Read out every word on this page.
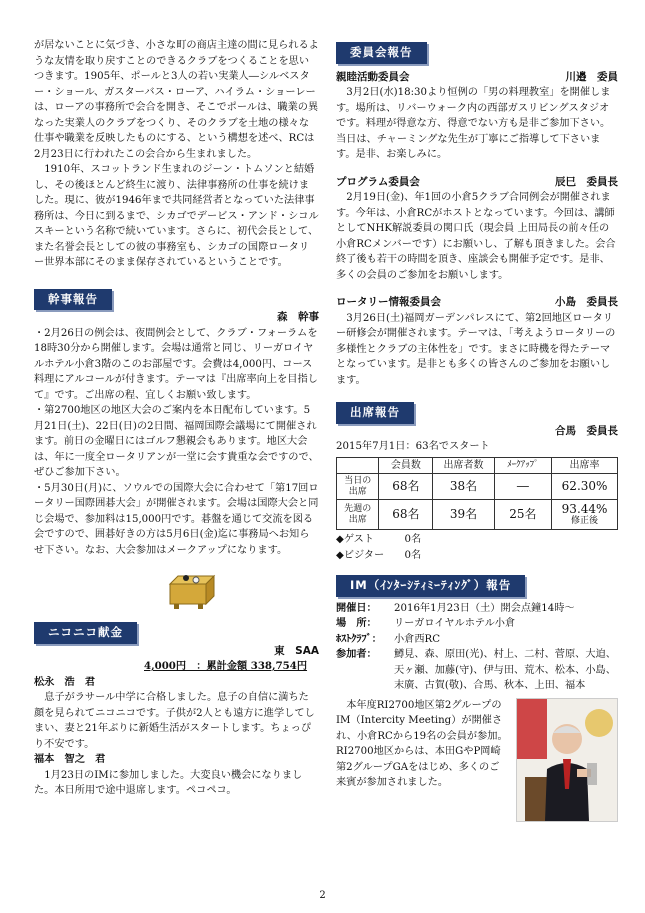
が居ないことに気づき、小さな町の商店主達の間に見られるような友情を取り戻すことのできるクラブをつくることを思いつきます。1905年、ポールと3人の若い実業人―シルベスター・ショール、ガスターバス・ローア、ハイラム・ショーレーは、ローアの事務所で会合を開き、そこでポールは、職業の異なった実業人のクラブをつくり、そのクラブを土地の様々な仕事や職業を反映したものにする、という構想を述べ、RCは2月23日に行われたこの会合から生まれました。

1910年、スコットランド生まれのジーン・トムソンと結婚し、その後ほとんど終生に渡り、法律事務所の仕事を続けました。現に、彼が1946年まで共同経営者となっていた法律事務所は、今日に到るまで、シカゴでデービス・アンド・シコルスキーという名称で続いています。さらに、初代会長として、また名誉会長としての彼の事務室も、シカゴの国際ロータリー世界本部にそのまま保存されているということです。

幹事報告

森　幹事

・2月26日の例会は、夜間例会として、クラブ・フォーラムを18時30分から開催します。会場は通常と同じ、リーガロイヤルホテル小倉3階のこのお部屋です。会費は4,000円、コース料理にアルコールが付きます。テーマは『出席率向上を目指して』です。ご出席の程、宜しくお願い致します。

・第2700地区の地区大会のご案内を本日配布しています。5月21日(土)、22日(日)の2日間、福岡国際会議場にて開催されます。前日の金曜日にはゴルフ懇親会もあります。地区大会は、年に一度全ロータリアンが一堂に会す貴重な会ですので、ぜひご参加下さい。

・5月30日(月)に、ソウルでの国際大会に合わせて「第17回ロータリー国際囲碁大会」が開催されます。会場は国際大会と同じ会場で、参加料は15,000円です。碁盤を通じて交流を図る会ですので、囲碁好きの方は5月6日(金)迄に事務局へお知らせ下さい。なお、大会参加はメークアップになります。

ニコニコ献金

東　SAA

4,000円　：累計金額 338,754円

松永　浩　君

息子がラサール中学に合格しました。息子の自信に満ちた顔を見られてニコニコです。子供が2人とも遠方に進学してしまい、妻と21年ぶりに新婚生活がスタートします。ちょっぴり不安です。

福本　智之　君

1月23日のIMに参加しました。大変良い機会になりました。本日所用で途中退席します。ペコペコ。

委員会報告

親睦活動委員会	川邉　委員

3月2日(水)18:30より恒例の「男の料理教室」を開催します。場所は、リバーウォーク内の西部ガスリビングスタジオです。料理が得意な方、得意でない方も是非ご参加下さい。当日は、チャーミングな先生が丁寧にご指導して下さいます。是非、お楽しみに。

プログラム委員会	辰巳　委員長

2月19日(金)、年1回の小倉5クラブ合同例会が開催されます。今年は、小倉RCがホストとなっています。今回は、講師としてNHK解説委員の関口氏（現会員 上田局長の前々任の小倉RCメンバーです）にお願いし、了解も頂きました。会合終了後も若干の時間を頂き、座談会も開催予定です。是非、多くの会員のご参加をお願いします。

ロータリー情報委員会	小島　委員長

3月26日(土)福岡ガーデンパレスにて、第2回地区ロータリー研修会が開催されます。テーマは、「考えようロータリーの多様性とクラブの主体性を」です。まさに時機を得たテーマとなっています。是非とも多くの皆さんのご参加をお願いします。

出席報告

合馬　委員長

2015年7月1日：63名でスタート

	会員数	出席者数	ﾒｰｸｱｯﾌﾟ	出席率
当日の出席	68名	38名	―	62.30%
先週の出席	68名	39名	25名	93.44%
修正後

◆ゲスト　　　0名

◆ビジター　　0名

IM（ｲﾝﾀｰｼﾃｨﾐｰﾃｨﾝｸﾞ）報告
開催日：	2016年1月23日（土）開会点鐘14時～
場　所：	リーガロイヤルホテル小倉
ﾎｽﾄｸﾗﾌﾞ：	小倉西RC
参加者：	鱒見、森、原田(光)、村上、二村、菅原、大迫、天ヶ瀬、加藤(守)、伊与田、荒木、松本、小島、末廣、古賀(敬)、合馬、秋本、上田、福本

本年度RI2700地区第2グループのIM（Intercity Meeting）が開催され、小倉RCから19名の会員が参加。RI2700地区からは、本田GやP岡崎第2グループGAをはじめ、多くのご来賓が参加されました。

2
